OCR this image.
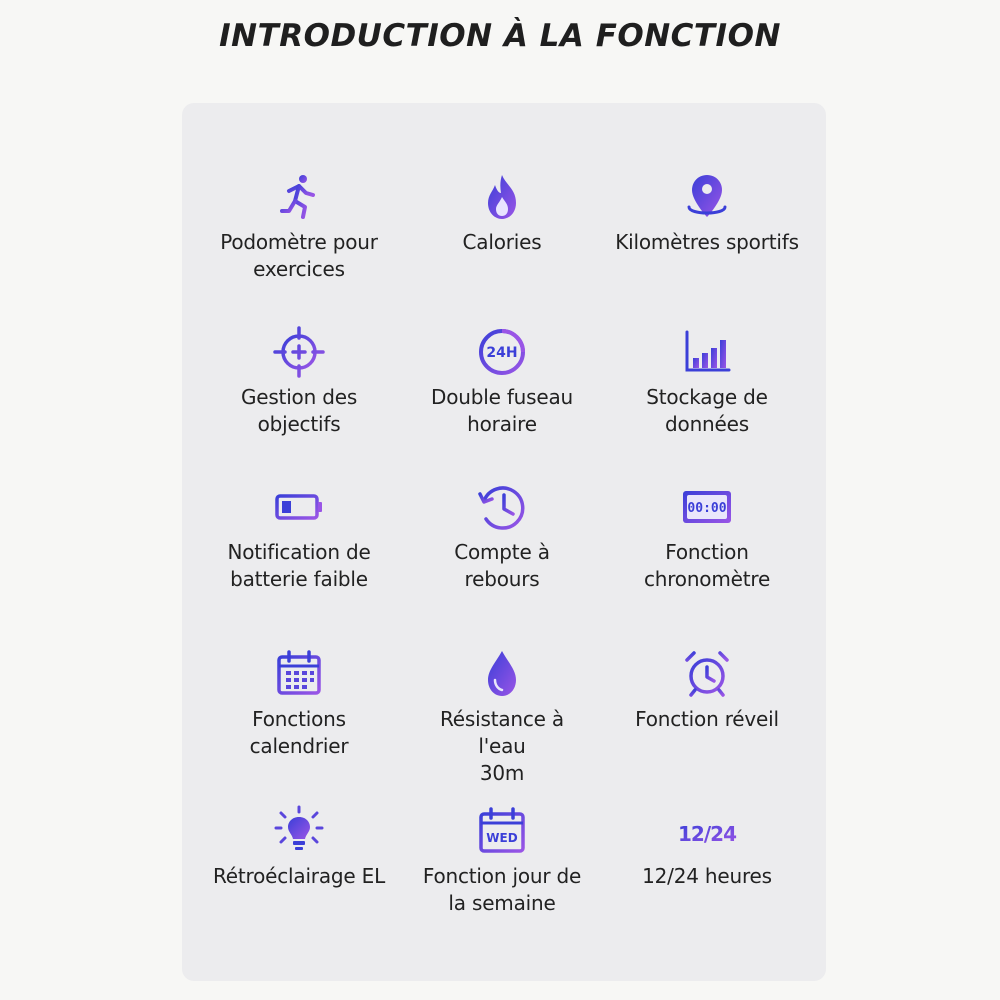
INTRODUCTION À LA FONCTION
Podomètre pour
exercices
Calories	Kilomètres sportifs
Gestion des
objectifs
24H
Double fuseau
horaire
Stockage de
données
Notification de
batterie faible
Compte à rebours
00:00
Fonction
chronomètre
Fonctions
calendrier
Résistance à l'eau
30m
Fonction réveil
Rétroéclairage EL
WED
Fonction jour de
la semaine
12/24
12/24 heures
